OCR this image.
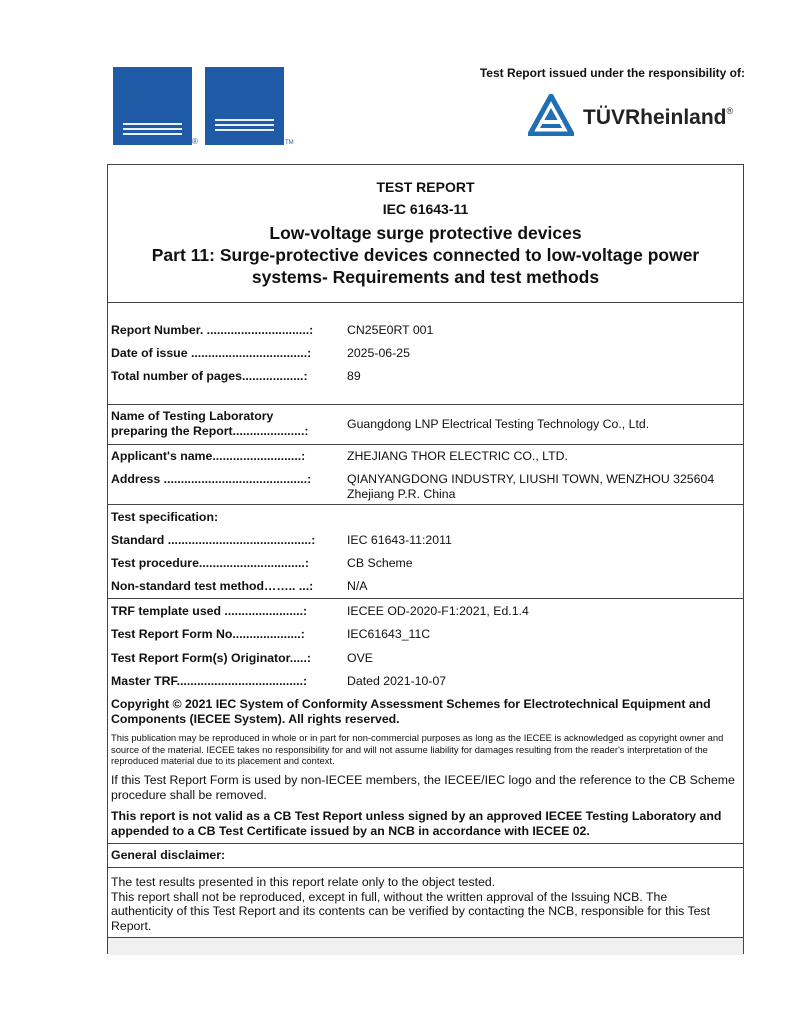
IEC
®
IECEE
TM
Test Report issued under the responsibility of:
TÜVRheinland®
TEST REPORT
IEC 61643-11
Low-voltage surge protective devices
Part 11: Surge-protective devices connected to low-voltage power systems- Requirements and test methods
Report Number. ..............................:	CN25E0RT 001
Date of issue ..................................:	2025-06-25
Total number of pages..................:	89
Name of Testing Laboratory preparing the Report.....................:	Guangdong LNP Electrical Testing Technology Co., Ltd.
Applicant's name..........................:	ZHEJIANG THOR ELECTRIC CO., LTD.
Address ..........................................:	QIANYANGDONG INDUSTRY, LIUSHI TOWN, WENZHOU 325604 Zhejiang P.R. China
Test specification:
Standard ..........................................:	IEC 61643-11:2011
Test procedure...............................:	CB Scheme
Non-standard test method…….. ...:	N/A
TRF template used .......................:	IECEE OD-2020-F1:2021, Ed.1.4
Test Report Form No....................:	IEC61643_11C
Test Report Form(s) Originator.....:	OVE
Master TRF.....................................:	Dated 2021-10-07
Copyright © 2021 IEC System of Conformity Assessment Schemes for Electrotechnical Equipment and Components (IECEE System). All rights reserved.
This publication may be reproduced in whole or in part for non-commercial purposes as long as the IECEE is acknowledged as copyright owner and source of the material. IECEE takes no responsibility for and will not assume liability for damages resulting from the reader's interpretation of the reproduced material due to its placement and context.
If this Test Report Form is used by non-IECEE members, the IECEE/IEC logo and the reference to the CB Scheme procedure shall be removed.
This report is not valid as a CB Test Report unless signed by an approved IECEE Testing Laboratory and appended to a CB Test Certificate issued by an NCB in accordance with IECEE 02.
General disclaimer:
The test results presented in this report relate only to the object tested.
This report shall not be reproduced, except in full, without the written approval of the Issuing NCB. The authenticity of this Test Report and its contents can be verified by contacting the NCB, responsible for this Test Report.
